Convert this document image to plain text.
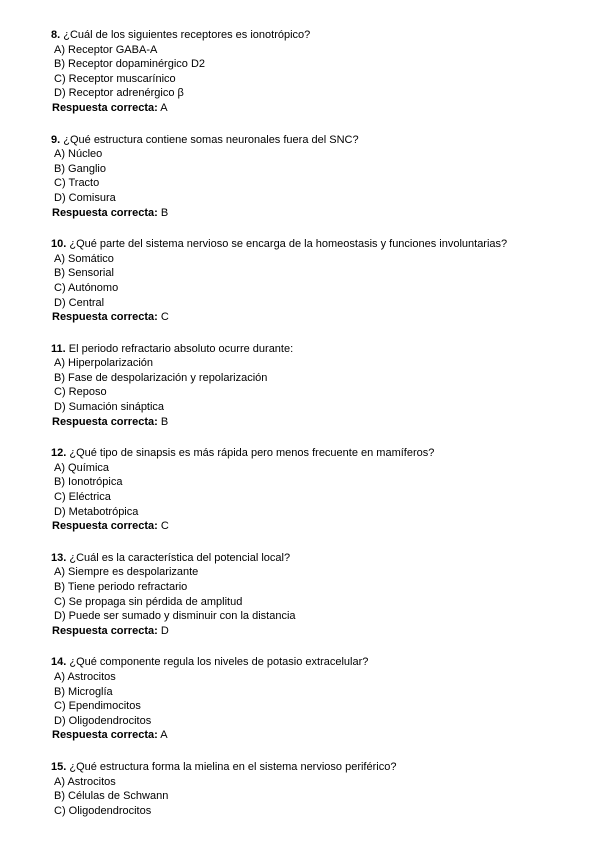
8. ¿Cuál de los siguientes receptores es ionotrópico?
A) Receptor GABA-A
B) Receptor dopaminérgico D2
C) Receptor muscarínico
D) Receptor adrenérgico β
Respuesta correcta: A
9. ¿Qué estructura contiene somas neuronales fuera del SNC?
A) Núcleo
B) Ganglio
C) Tracto
D) Comisura
Respuesta correcta: B
10. ¿Qué parte del sistema nervioso se encarga de la homeostasis y funciones involuntarias?
A) Somático
B) Sensorial
C) Autónomo
D) Central
Respuesta correcta: C
11. El periodo refractario absoluto ocurre durante:
A) Hiperpolarización
B) Fase de despolarización y repolarización
C) Reposo
D) Sumación sináptica
Respuesta correcta: B
12. ¿Qué tipo de sinapsis es más rápida pero menos frecuente en mamíferos?
A) Química
B) Ionotrópica
C) Eléctrica
D) Metabotrópica
Respuesta correcta: C
13. ¿Cuál es la característica del potencial local?
A) Siempre es despolarizante
B) Tiene periodo refractario
C) Se propaga sin pérdida de amplitud
D) Puede ser sumado y disminuir con la distancia
Respuesta correcta: D
14. ¿Qué componente regula los niveles de potasio extracelular?
A) Astrocitos
B) Microglía
C) Ependimocitos
D) Oligodendrocitos
Respuesta correcta: A
15. ¿Qué estructura forma la mielina en el sistema nervioso periférico?
A) Astrocitos
B) Células de Schwann
C) Oligodendrocitos
